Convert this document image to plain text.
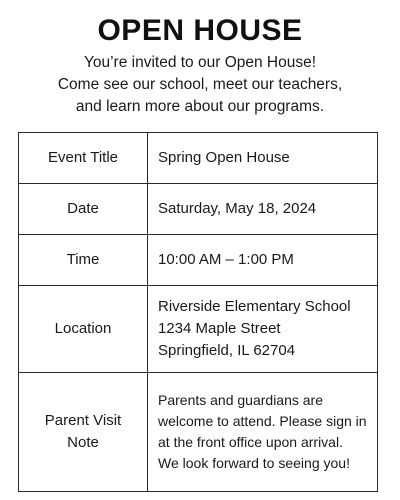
OPEN HOUSE
You’re invited to our Open House!
Come see our school, meet our teachers,
and learn more about our programs.
Event Title	Spring Open House
Date	Saturday, May 18, 2024
Time	10:00 AM – 1:00 PM
Location	Riverside Elementary School
1234 Maple Street
Springfield, IL 62704

Parent Visit
Note	Parents and guardians are
welcome to attend. Please sign in
at the front office upon arrival.
We look forward to seeing you!
